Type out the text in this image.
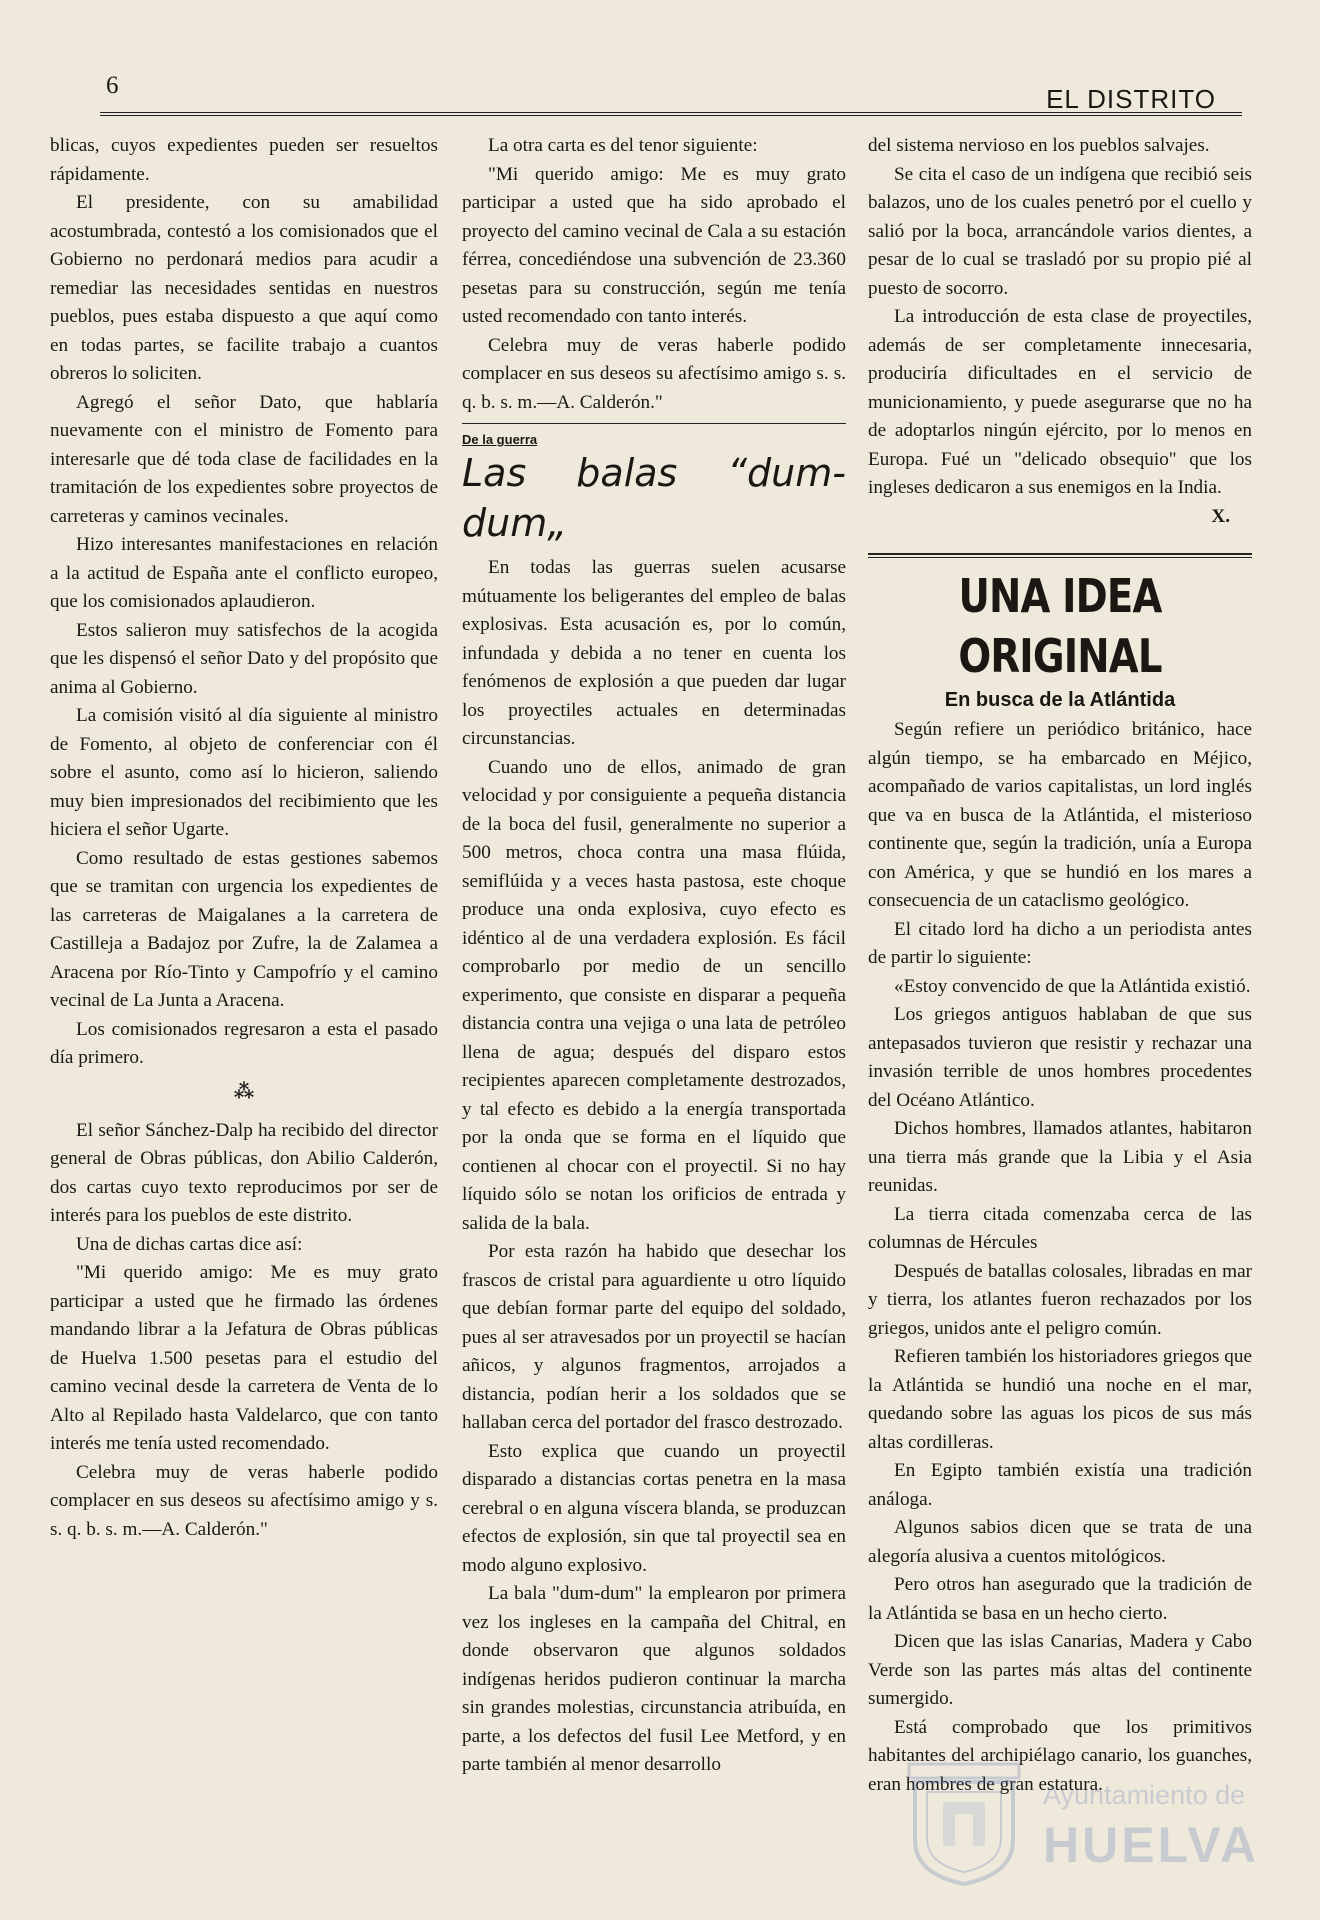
6	EL DISTRITO

blicas, cuyos expedientes pueden ser resueltos rápidamente.

El presidente, con su amabilidad acostumbrada, contestó a los comisionados que el Gobierno no perdonará medios para acudir a remediar las necesidades sentidas en nuestros pueblos, pues estaba dispuesto a que aquí como en todas partes, se facilite trabajo a cuantos obreros lo soliciten.

Agregó el señor Dato, que hablaría nuevamente con el ministro de Fomento para interesarle que dé toda clase de facilidades en la tramitación de los expedientes sobre proyectos de carreteras y caminos vecinales.

Hizo interesantes manifestaciones en relación a la actitud de España ante el conflicto europeo, que los comisionados aplaudieron.

Estos salieron muy satisfechos de la acogida que les dispensó el señor Dato y del propósito que anima al Gobierno.

La comisión visitó al día siguiente al ministro de Fomento, al objeto de conferenciar con él sobre el asunto, como así lo hicieron, saliendo muy bien impresionados del recibimiento que les hiciera el señor Ugarte.

Como resultado de estas gestiones sabemos que se tramitan con urgencia los expedientes de las carreteras de Maigalanes a la carretera de Castilleja a Badajoz por Zufre, la de Zalamea a Aracena por Río-Tinto y Campofrío y el camino vecinal de La Junta a Aracena.

Los comisionados regresaron a esta el pasado día primero.

⁂

El señor Sánchez-Dalp ha recibido del director general de Obras públicas, don Abilio Calderón, dos cartas cuyo texto reproducimos por ser de interés para los pueblos de este distrito.

Una de dichas cartas dice así:

"Mi querido amigo: Me es muy grato participar a usted que he firmado las órdenes mandando librar a la Jefatura de Obras públicas de Huelva 1.500 pesetas para el estudio del camino vecinal desde la carretera de Venta de lo Alto al Repilado hasta Valdelarco, que con tanto interés me tenía usted recomendado.

Celebra muy de veras haberle podido complacer en sus deseos su afectísimo amigo y s. s. q. b. s. m.—A. Calderón."

La otra carta es del tenor siguiente:

"Mi querido amigo: Me es muy grato participar a usted que ha sido aprobado el proyecto del camino vecinal de Cala a su estación férrea, concediéndose una subvención de 23.360 pesetas para su construcción, según me tenía usted recomendado con tanto interés.

Celebra muy de veras haberle podido complacer en sus deseos su afectísimo amigo s. s. q. b. s. m.—A. Calderón."

De la guerra
Las balas “dum-dum„

En todas las guerras suelen acusarse mútuamente los beligerantes del empleo de balas explosivas. Esta acusación es, por lo común, infundada y debida a no tener en cuenta los fenómenos de explosión a que pueden dar lugar los proyectiles actuales en determinadas circunstancias.

Cuando uno de ellos, animado de gran velocidad y por consiguiente a pequeña distancia de la boca del fusil, generalmente no superior a 500 metros, choca contra una masa flúida, semiflúida y a veces hasta pastosa, este choque produce una onda explosiva, cuyo efecto es idéntico al de una verdadera explosión. Es fácil comprobarlo por medio de un sencillo experimento, que consiste en disparar a pequeña distancia contra una vejiga o una lata de petróleo llena de agua; después del disparo estos recipientes aparecen completamente destrozados, y tal efecto es debido a la energía transportada por la onda que se forma en el líquido que contienen al chocar con el proyectil. Si no hay líquido sólo se notan los orificios de entrada y salida de la bala.

Por esta razón ha habido que desechar los frascos de cristal para aguardiente u otro líquido que debían formar parte del equipo del soldado, pues al ser atravesados por un proyectil se hacían añicos, y algunos fragmentos, arrojados a distancia, podían herir a los soldados que se hallaban cerca del portador del frasco destrozado.

Esto explica que cuando un proyectil disparado a distancias cortas penetra en la masa cerebral o en alguna víscera blanda, se produzcan efectos de explosión, sin que tal proyectil sea en modo alguno explosivo.

La bala "dum-dum" la emplearon por primera vez los ingleses en la campaña del Chitral, en donde observaron que algunos soldados indígenas heridos pudieron continuar la marcha sin grandes molestias, circunstancia atribuída, en parte, a los defectos del fusil Lee Metford, y en parte también al menor desarrollo

del sistema nervioso en los pueblos salvajes.

Se cita el caso de un indígena que recibió seis balazos, uno de los cuales penetró por el cuello y salió por la boca, arrancándole varios dientes, a pesar de lo cual se trasladó por su propio pié al puesto de socorro.

La introducción de esta clase de proyectiles, además de ser completamente innecesaria, produciría dificultades en el servicio de municionamiento, y puede asegurarse que no ha de adoptarlos ningún ejército, por lo menos en Europa. Fué un "delicado obsequio" que los ingleses dedicaron a sus enemigos en la India.

X.
UNA IDEA ORIGINAL
En busca de la Atlántida

Según refiere un periódico británico, hace algún tiempo, se ha embarcado en Méjico, acompañado de varios capitalistas, un lord inglés que va en busca de la Atlántida, el misterioso continente que, según la tradición, unía a Europa con América, y que se hundió en los mares a consecuencia de un cataclismo geológico.

El citado lord ha dicho a un periodista antes de partir lo siguiente:

«Estoy convencido de que la Atlántida existió.

Los griegos antiguos hablaban de que sus antepasados tuvieron que resistir y rechazar una invasión terrible de unos hombres procedentes del Océano Atlántico.

Dichos hombres, llamados atlantes, habitaron una tierra más grande que la Libia y el Asia reunidas.

La tierra citada comenzaba cerca de las columnas de Hércules

Después de batallas colosales, libradas en mar y tierra, los atlantes fueron rechazados por los griegos, unidos ante el peligro común.

Refieren también los historiadores griegos que la Atlántida se hundió una noche en el mar, quedando sobre las aguas los picos de sus más altas cordilleras.

En Egipto también existía una tradición análoga.

Algunos sabios dicen que se trata de una alegoría alusiva a cuentos mitológicos.

Pero otros han asegurado que la tradición de la Atlántida se basa en un hecho cierto.

Dicen que las islas Canarias, Madera y Cabo Verde son las partes más altas del continente sumergido.

Está comprobado que los primitivos habitantes del archipiélago canario, los guanches, eran hombres de gran estatura.

Ayuntamiento de
HUELVA
